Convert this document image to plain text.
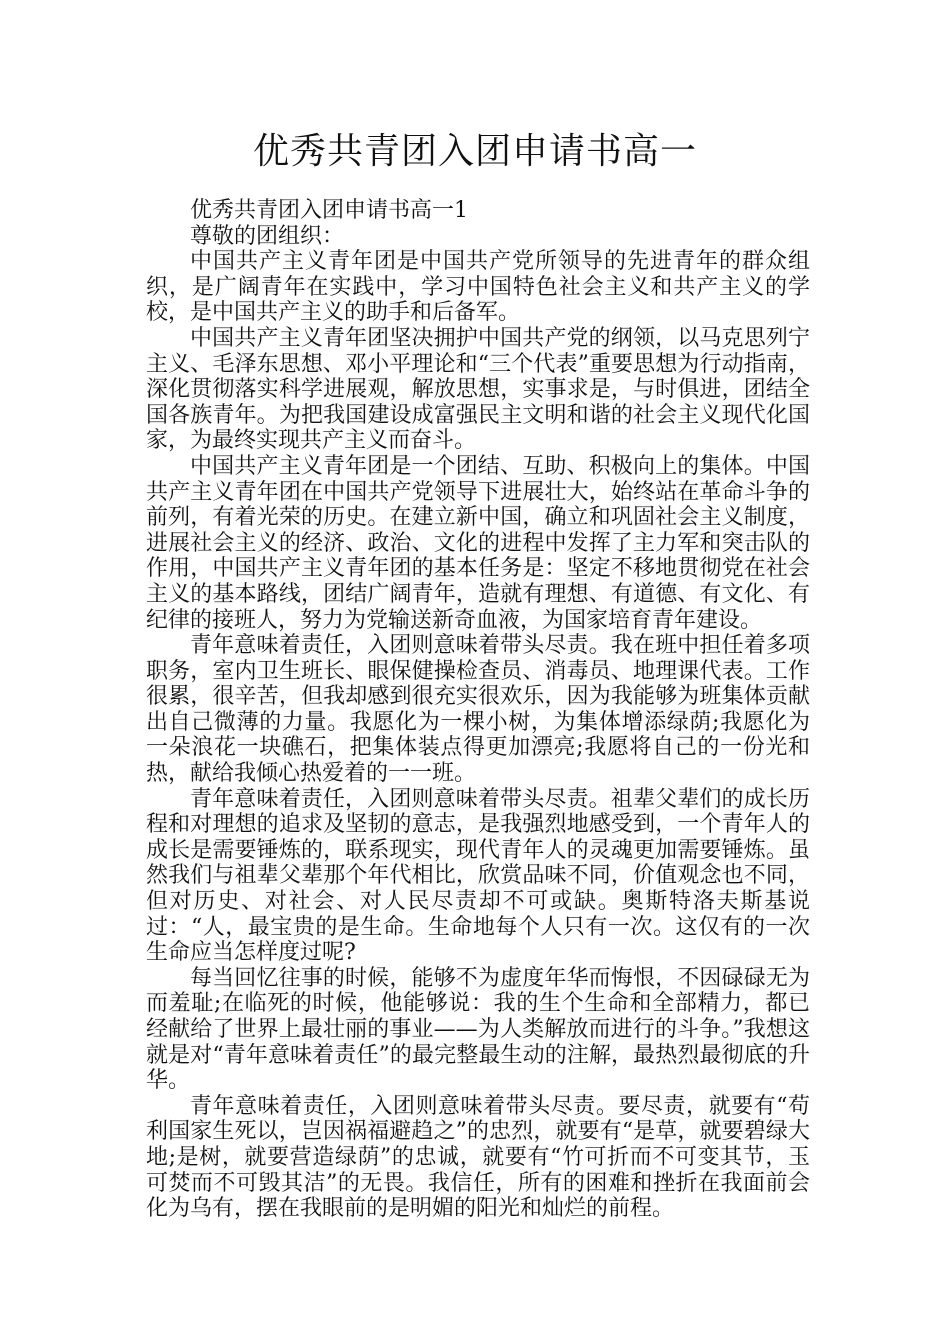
优秀共青团入团申请书高一

优秀共青团入团申请书高一1

尊敬的团组织：

中国共产主义青年团是中国共产党所领导的先进青年的群众组织，是广阔青年在实践中，学习中国特色社会主义和共产主义的学校，是中国共产主义的助手和后备军。

中国共产主义青年团坚决拥护中国共产党的纲领，以马克思列宁主义、毛泽东思想、邓小平理论和“三个代表”重要思想为行动指南，深化贯彻落实科学进展观，解放思想，实事求是，与时俱进，团结全国各族青年。为把我国建设成富强民主文明和谐的社会主义现代化国家，为最终实现共产主义而奋斗。

中国共产主义青年团是一个团结、互助、积极向上的集体。中国共产主义青年团在中国共产党领导下进展壮大，始终站在革命斗争的前列，有着光荣的历史。在建立新中国，确立和巩固社会主义制度，进展社会主义的经济、政治、文化的进程中发挥了主力军和突击队的作用，中国共产主义青年团的基本任务是：坚定不移地贯彻党在社会主义的基本路线，团结广阔青年，造就有理想、有道德、有文化、有纪律的接班人，努力为党输送新奇血液，为国家培育青年建设。

青年意味着责任，入团则意味着带头尽责。我在班中担任着多项职务，室内卫生班长、眼保健操检查员、消毒员、地理课代表。工作很累，很辛苦，但我却感到很充实很欢乐，因为我能够为班集体贡献出自己微薄的力量。我愿化为一棵小树，为集体增添绿荫;我愿化为一朵浪花一块礁石，把集体装点得更加漂亮;我愿将自己的一份光和热，献给我倾心热爱着的一一班。

青年意味着责任，入团则意味着带头尽责。祖辈父辈们的成长历程和对理想的追求及坚韧的意志，是我强烈地感受到，一个青年人的成长是需要锤炼的，联系现实，现代青年人的灵魂更加需要锤炼。虽然我们与祖辈父辈那个年代相比，欣赏品味不同，价值观念也不同，但对历史、对社会、对人民尽责却不可或缺。奥斯特洛夫斯基说过：“人，最宝贵的是生命。生命地每个人只有一次。这仅有的一次生命应当怎样度过呢?

每当回忆往事的时候，能够不为虚度年华而悔恨，不因碌碌无为而羞耻;在临死的时候，他能够说：我的生个生命和全部精力，都已经献给了世界上最壮丽的事业——为人类解放而进行的斗争。”我想这就是对“青年意味着责任”的最完整最生动的注解，最热烈最彻底的升华。

青年意味着责任，入团则意味着带头尽责。要尽责，就要有“苟利国家生死以，岂因祸福避趋之”的忠烈，就要有“是草，就要碧绿大地;是树，就要营造绿荫”的忠诚，就要有“竹可折而不可变其节，玉可焚而不可毁其洁”的无畏。我信任，所有的困难和挫折在我面前会化为乌有，摆在我眼前的是明媚的阳光和灿烂的前程。
